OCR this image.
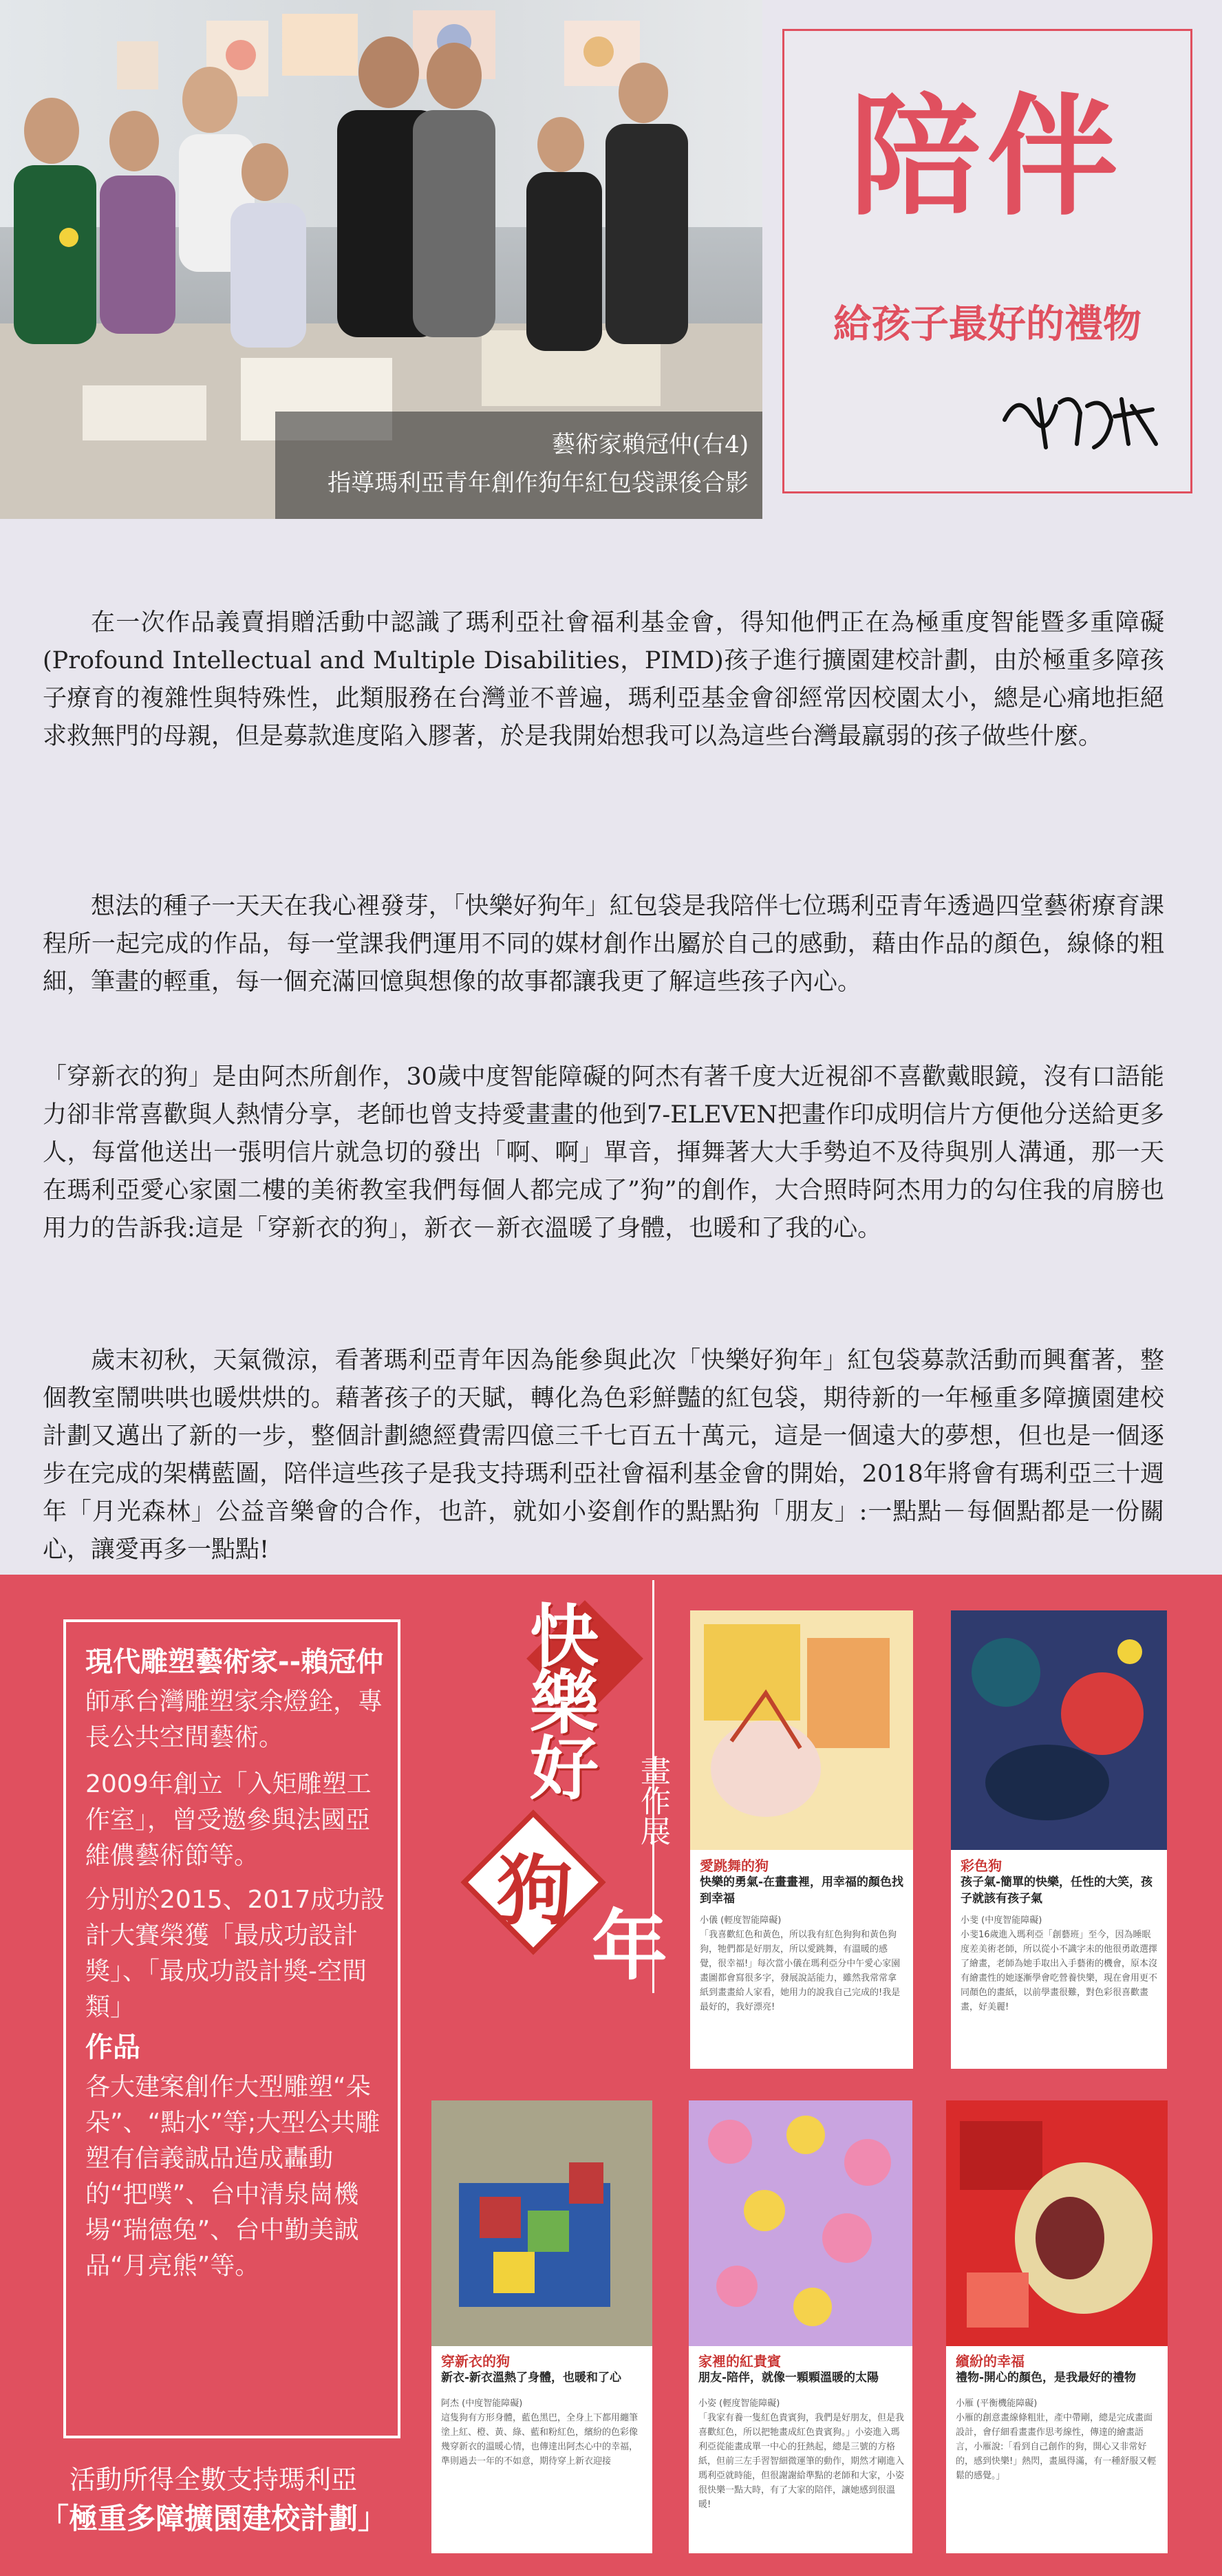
藝術家賴冠仲(右4)
指導瑪利亞青年創作狗年紅包袋課後合影
陪伴
給孩子最好的禮物
在一次作品義賣捐贈活動中認識了瑪利亞社會福利基金會，得知他們正在為極重度智能暨多重障礙(Profound Intellectual and Multiple Disabilities，PIMD)孩子進行擴園建校計劃，由於極重多障孩子療育的複雜性與特殊性，此類服務在台灣並不普遍，瑪利亞基金會卻經常因校園太小，總是心痛地拒絕求救無門的母親，但是募款進度陷入膠著，於是我開始想我可以為這些台灣最羸弱的孩子做些什麼。
想法的種子一天天在我心裡發芽，「快樂好狗年」紅包袋是我陪伴七位瑪利亞青年透過四堂藝術療育課程所一起完成的作品，每一堂課我們運用不同的媒材創作出屬於自己的感動，藉由作品的顏色，線條的粗細，筆畫的輕重，每一個充滿回憶與想像的故事都讓我更了解這些孩子內心。
「穿新衣的狗」是由阿杰所創作，30歲中度智能障礙的阿杰有著千度大近視卻不喜歡戴眼鏡，沒有口語能力卻非常喜歡與人熱情分享，老師也曾支持愛畫畫的他到7-ELEVEN把畫作印成明信片方便他分送給更多人，每當他送出一張明信片就急切的發出「啊、啊」單音，揮舞著大大手勢迫不及待與別人溝通，那一天在瑪利亞愛心家園二樓的美術教室我們每個人都完成了”狗”的創作，大合照時阿杰用力的勾住我的肩膀也用力的告訴我:這是「穿新衣的狗」，新衣－新衣溫暖了身體，也暖和了我的心。
歲末初秋，天氣微涼，看著瑪利亞青年因為能參與此次「快樂好狗年」紅包袋募款活動而興奮著，整個教室鬧哄哄也暖烘烘的。藉著孩子的天賦，轉化為色彩鮮豔的紅包袋，期待新的一年極重多障擴園建校計劃又邁出了新的一步，整個計劃總經費需四億三千七百五十萬元，這是一個遠大的夢想，但也是一個逐步在完成的架構藍圖，陪伴這些孩子是我支持瑪利亞社會福利基金會的開始，2018年將會有瑪利亞三十週年「月光森林」公益音樂會的合作，也許，就如小姿創作的點點狗「朋友」:一點點－每個點都是一份關心，讓愛再多一點點!
現代雕塑藝術家--賴冠仲
師承台灣雕塑家余燈銓，專長公共空間藝術。
2009年創立「入矩雕塑工作室」，曾受邀參與法國亞維儂藝術節等。
分別於2015、2017成功設計大賽榮獲「最成功設計獎」、「最成功設計獎-空間類」
作品
各大建案創作大型雕塑“朵朵”、“點水”等;大型公共雕塑有信義誠品造成轟動的“把噗”、台中清泉崗機場“瑞德兔”、台中勤美誠品“月亮熊”等。
活動所得全數支持瑪利亞
「極重多障擴園建校計劃」
快
樂
好
狗
年
畫作展
愛跳舞的狗
快樂的勇氣-在畫畫裡，用幸福的顏色找到幸福
小儀 (輕度智能障礙)
「我喜歡紅色和黃色，所以我有紅色狗狗和黃色狗狗，牠們都是好朋友，所以愛跳舞，有溫暖的感覺，很幸福!」每次當小儀在瑪利亞分中午愛心家園畫圖都會寫很多字，發展說話能力，雖然我常常拿紙到畫畫給人家看，她用力的說我自己完成的!我是最好的，我好漂亮!
彩色狗
孩子氣-簡單的快樂，任性的大笑，孩子就該有孩子氣
小斐 (中度智能障礙)
小斐16歲進入瑪利亞「創藝班」至今，因為睡眠度差美術老師，所以從小不識字未的他很勇敢選擇了繪畫，老師為她手取出入手藝術的機會，原本沒有繪畫性的她逐漸學會吃營養快樂，現在會用更不同顏色的畫紙，以前學畫很難，對色彩很喜歡畫畫，好美麗!
穿新衣的狗
新衣-新衣溫熱了身體，也暖和了心
阿杰 (中度智能障礙)
這隻狗有方形身體，藍色黑巴，全身上下都用纏筆塗上紅、橙、黃、綠、藍和粉紅色，繽紛的色彩像幾穿新衣的溫暖心情，也傳達出阿杰心中的幸福，準則過去一年的不如意，期待穿上新衣迎接
家裡的紅貴賓
朋友-陪伴，就像一顆顆溫暖的太陽
小姿 (輕度智能障礙)
「我家有養一隻紅色貴賓狗，我們是好朋友，但是我喜歡紅色，所以把牠畫成紅色貴賓狗。」小姿進入瑪利亞從能畫成單一中心的狂熱起，總是三號的方格紙，但前三左手習智細微運筆的動作，期然才剛進入瑪利亞就時能，但很謝謝給準點的老師和大家，小姿很快樂一點大時，有了大家的陪伴，讓她感到很溫暖!
繽紛的幸福
禮物-開心的顏色，是我最好的禮物
小雁 (平衡機能障礙)
小雁的創意畫線條粗壯，產中帶剛，總是完成畫面設計，會仔細看畫畫作思考線性，傳達的繪畫語言，小雁說:「看到自己創作的狗，開心又非常好的，感到快樂!」熱閃，畫風得滿，有一種舒服又輕鬆的感覺。」
